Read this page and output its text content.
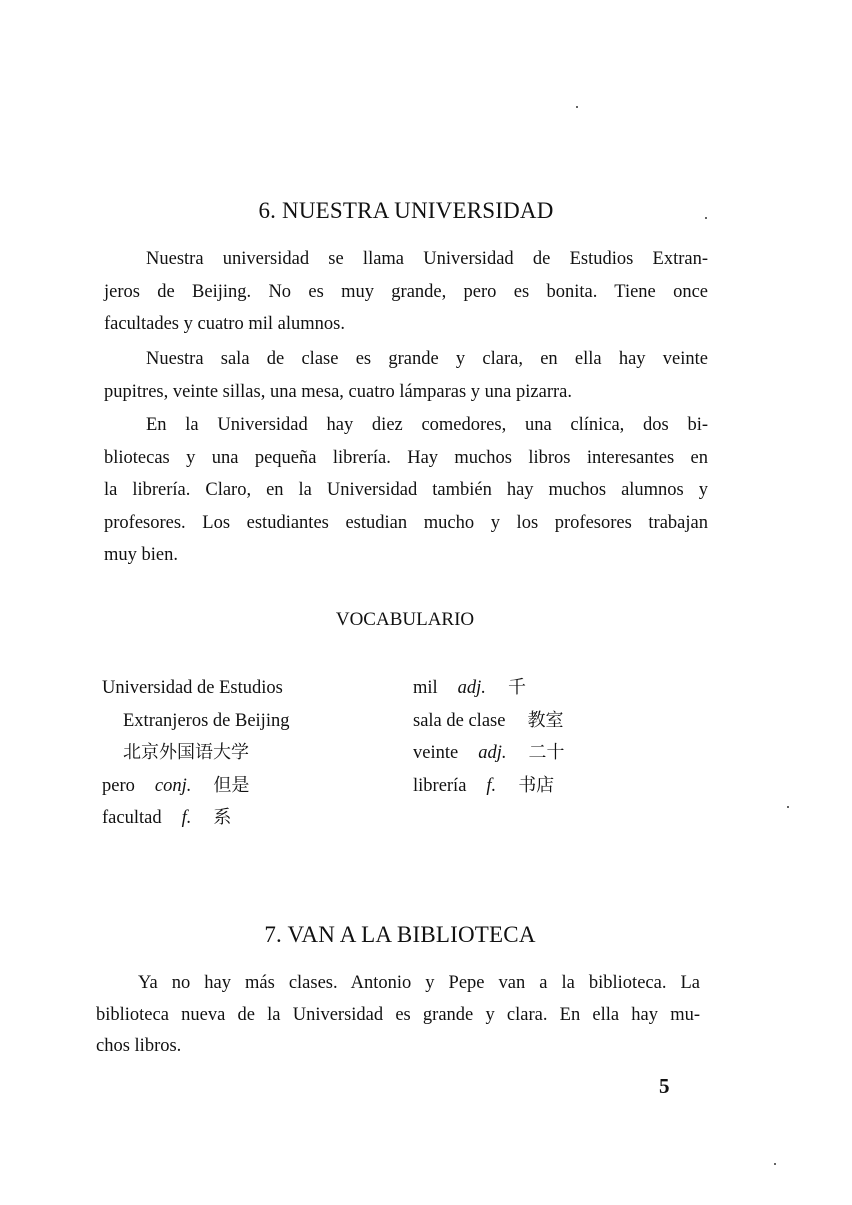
6. NUESTRA UNIVERSIDAD
Nuestra universidad se llama Universidad de Estudios Extran-
jeros de Beijing. No es muy grande, pero es bonita. Tiene once
facultades y cuatro mil alumnos.
Nuestra sala de clase es grande y clara, en ella hay veinte
pupitres, veinte sillas, una mesa, cuatro lámparas y una pizarra.
En la Universidad hay diez comedores, una clínica, dos bi-
bliotecas y una pequeña librería. Hay muchos libros interesantes en
la librería. Claro, en la Universidad también hay muchos alumnos y
profesores. Los estudiantes estudian mucho y los profesores trabajan
muy bien.
VOCABULARIO
Universidad de Estudios
Extranjeros de Beijing
北京外国语大学
pero conj. 但是
facultad f. 系
mil adj. 千
sala de clase 教室
veinte adj. 二十
librería f. 书店
7. VAN A LA BIBLIOTECA
Ya no hay más clases. Antonio y Pepe van a la biblioteca. La
biblioteca nueva de la Universidad es grande y clara. En ella hay mu-
chos libros.
5
